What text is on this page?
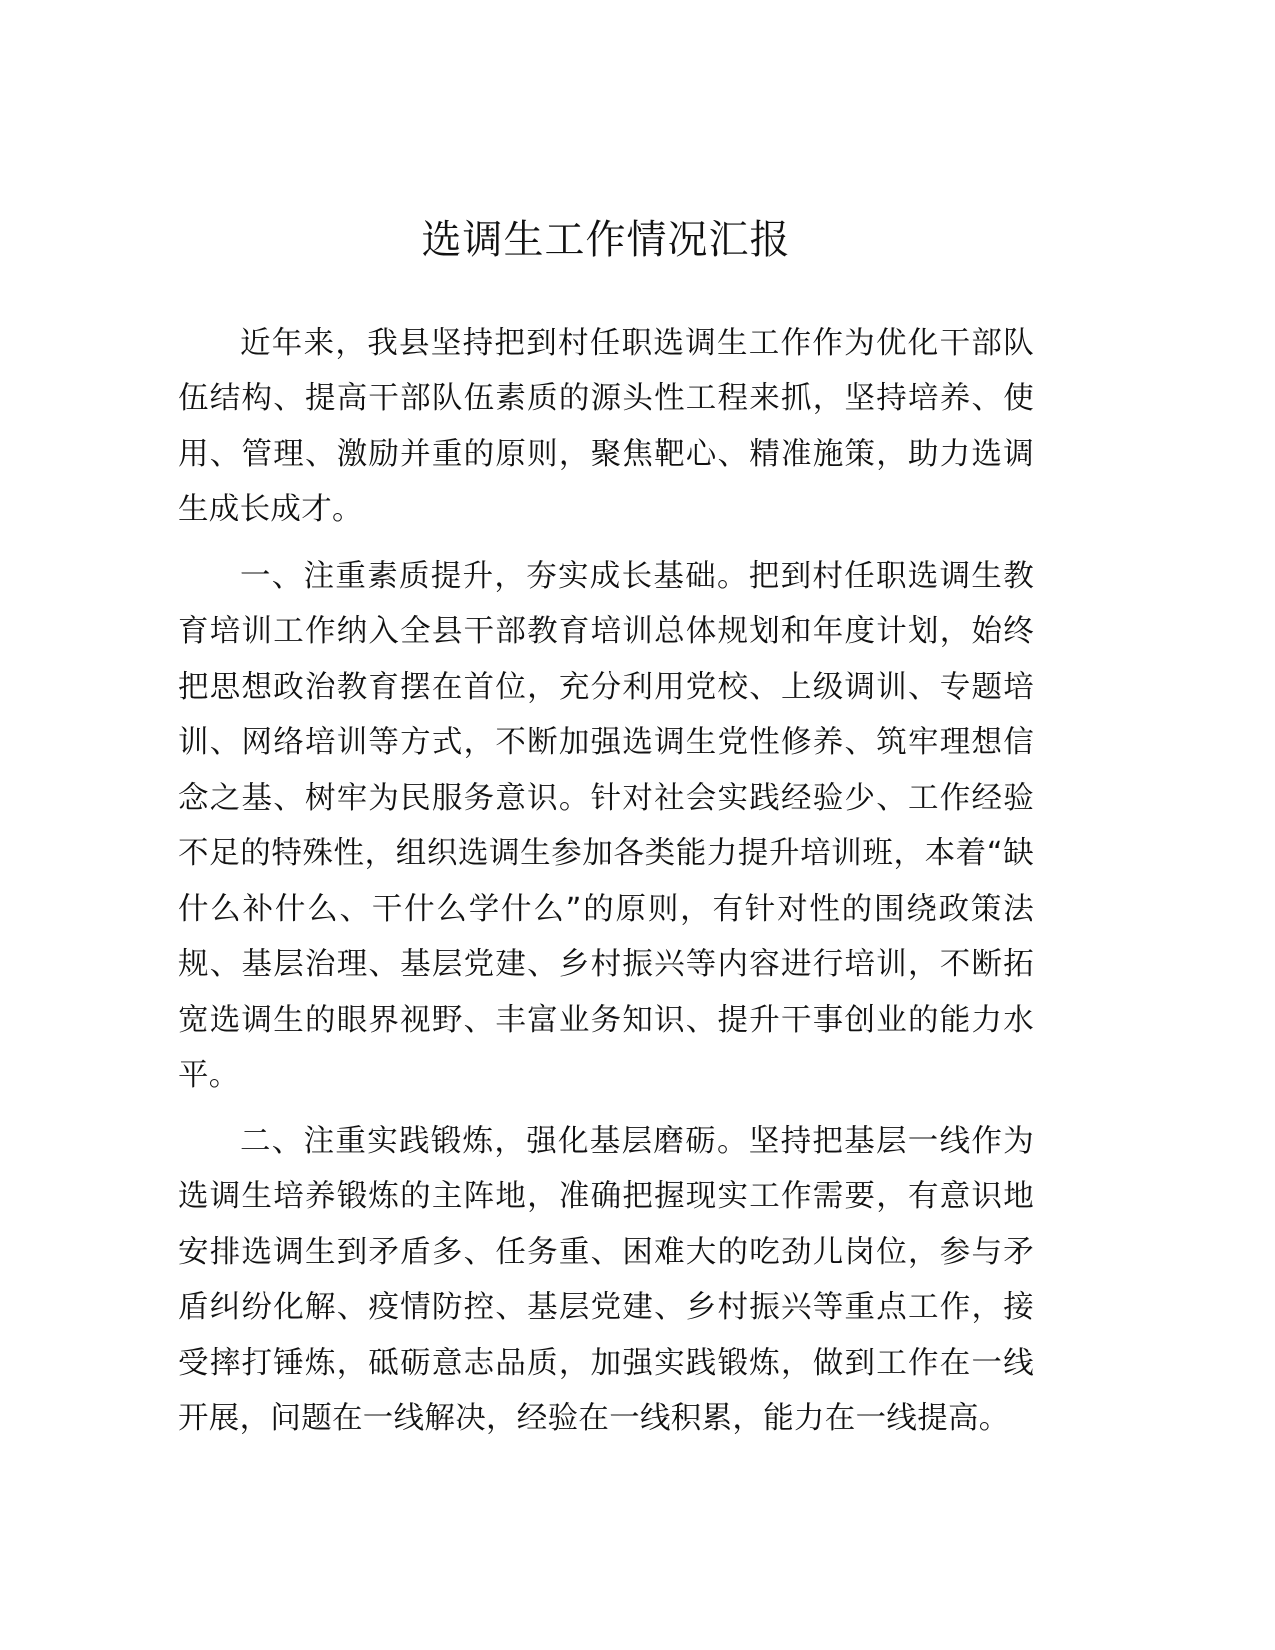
选调生工作情况汇报

近年来，我县坚持把到村任职选调生工作作为优化干部队伍结构、提高干部队伍素质的源头性工程来抓，坚持培养、使用、管理、激励并重的原则，聚焦靶心、精准施策，助力选调生成长成才。

一、注重素质提升，夯实成长基础。把到村任职选调生教育培训工作纳入全县干部教育培训总体规划和年度计划，始终把思想政治教育摆在首位，充分利用党校、上级调训、专题培训、网络培训等方式，不断加强选调生党性修养、筑牢理想信念之基、树牢为民服务意识。针对社会实践经验少、工作经验不足的特殊性，组织选调生参加各类能力提升培训班，本着“缺什么补什么、干什么学什么”的原则，有针对性的围绕政策法规、基层治理、基层党建、乡村振兴等内容进行培训，不断拓宽选调生的眼界视野、丰富业务知识、提升干事创业的能力水平。

二、注重实践锻炼，强化基层磨砺。坚持把基层一线作为选调生培养锻炼的主阵地，准确把握现实工作需要，有意识地安排选调生到矛盾多、任务重、困难大的吃劲儿岗位，参与矛盾纠纷化解、疫情防控、基层党建、乡村振兴等重点工作，接受摔打锤炼，砥砺意志品质，加强实践锻炼，做到工作在一线开展，问题在一线解决，经验在一线积累，能力在一线提高。
